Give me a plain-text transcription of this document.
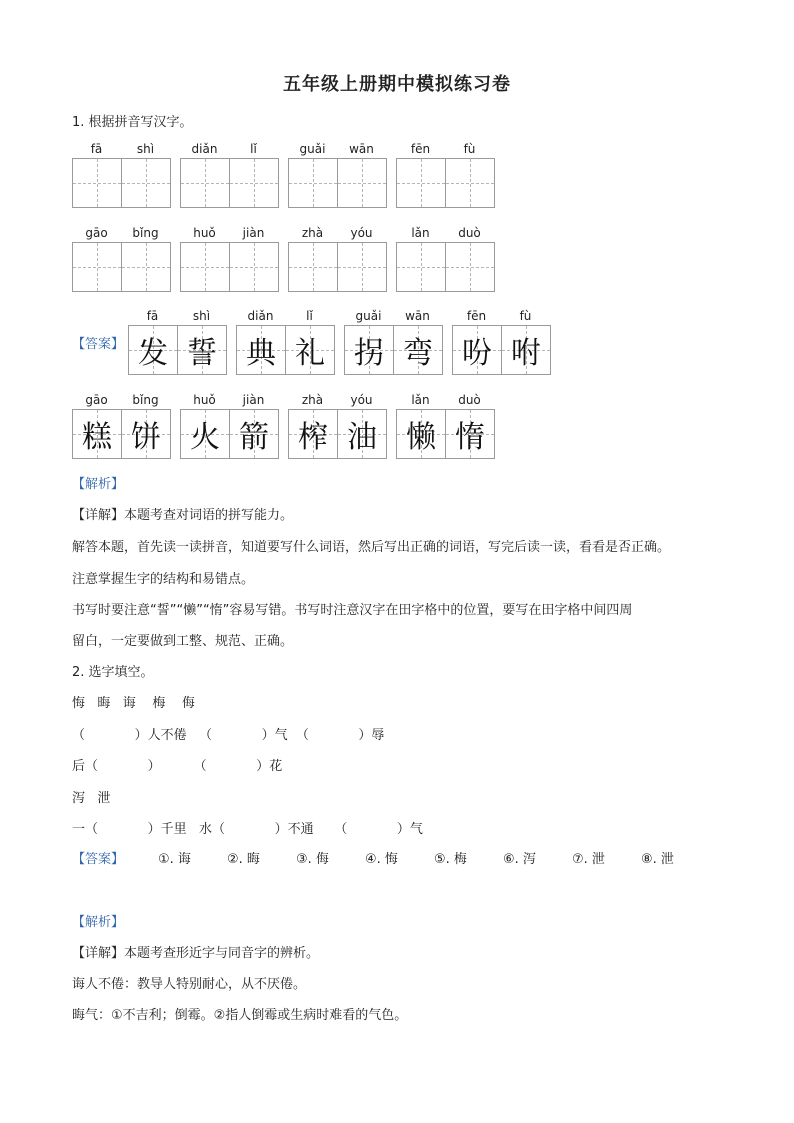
五年级上册期中模拟练习卷
1. 根据拼音写汉字。
fā	shì	diǎn	lǐ	guǎi	wān	fēn	fù
gāo	bǐng	huǒ	jiàn	zhà	yóu	lǎn	duò
【答案】
fā	shì
发 誓
diǎn	lǐ
典 礼
guǎi	wān
拐 弯
fēn	fù
吩 咐
gāo	bǐng
糕 饼
huǒ	jiàn
火 箭
zhà	yóu
榨 油
lǎn	duò
懒 惰
【解析】
【详解】本题考查对词语的拼写能力。
解答本题，首先读一读拼音，知道要写什么词语，然后写出正确的词语，写完后读一读，看看是否正确。
注意掌握生字的结构和易错点。
书写时要注意“誓”“懒”“惰”容易写错。书写时注意汉字在田字格中的位置，要写在田字格中间四周
留白，一定要做到工整、规范、正确。
2. 选字填空。
悔   晦   诲    梅    侮
（            ）人不倦   （            ）气  （            ）辱
后（            ）        （            ）花
泻   泄
一（            ）千里   水（            ）不通     （            ）气
【答案】	①. 诲	②. 晦	③. 侮	④. 悔	⑤. 梅	⑥. 泻	⑦. 泄	⑧. 泄
【解析】
【详解】本题考查形近字与同音字的辨析。
诲人不倦：教导人特别耐心，从不厌倦。
晦气：①不吉利；倒霉。②指人倒霉或生病时难看的气色。
